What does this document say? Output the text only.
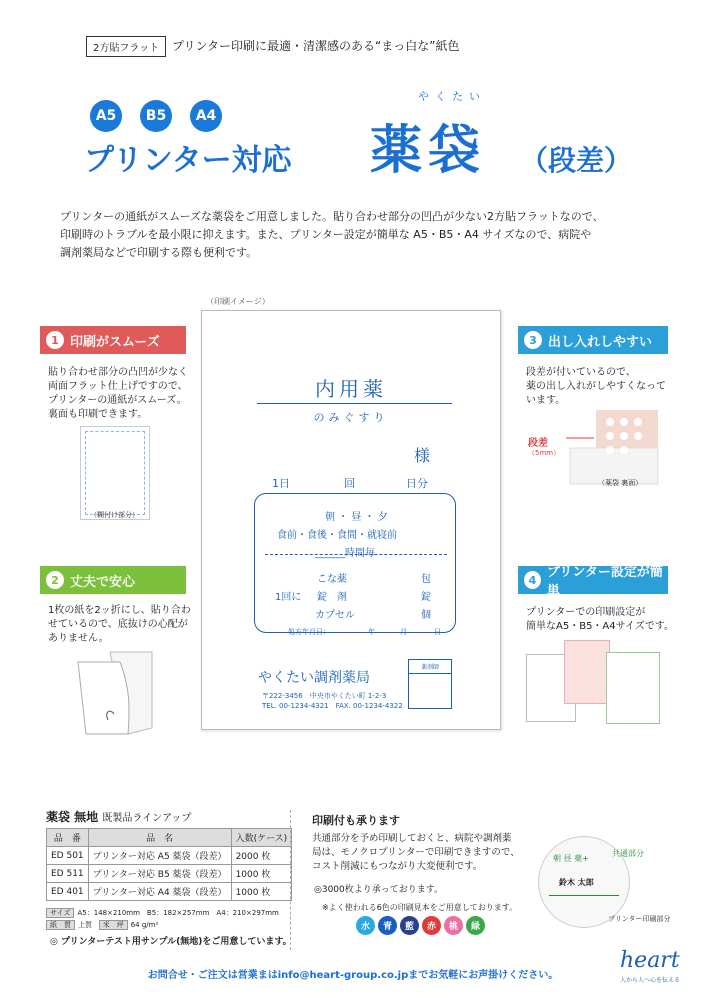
2方貼フラット	プリンター印刷に最適・清潔感のある“まっ白な”紙色
A5	B5	A4
やくたい
プリンター対応 薬袋 （段差）

プリンターの通紙がスムーズな薬袋をご用意しました。貼り合わせ部分の凹凸が少ない2方貼フラットなので、

印刷時のトラブルを最小限に抑えます。また、プリンター設定が簡単な A5・B5・A4 サイズなので、病院や

調剤薬局などで印刷する際も便利です。

（印刷イメージ）
内用薬
のみぐすり
様
1日	回	日分
朝 ・ 昼 ・ 夕
食前・食後・食間・就寝前
______時間毎
こな薬	包
1回に 錠　剤	錠
カプセル	個
処方年月日：	年	月	日
やくたい調剤薬局
〒222-3456　中央市やくたい町 1-2-3
TEL. 00-1234-4321　FAX. 00-1234-4322
薬剤師
1 印刷がスムーズ
貼り合わせ部分の凸凹が少なく
両面フラット仕上げですので、
プリンターの通紙がスムーズ。
裏面も印刷できます。
（糊付け部分）
2 丈夫で安心
1枚の紙を2ッ折にし、貼り合わ
せているので、底抜けの心配が
ありません。
3 出し入れしやすい
段差が付いているので、
薬の出し入れがしやすくなって
います。
段差
（5mm）
（薬袋 裏面）
4 プリンター設定が簡単
プリンターでの印刷設定が
簡単なA5・B5・A4サイズです。
薬袋 無地 既製品ラインアップ
品　番	品　名	入数(ケース)
ED 501	プリンター対応 A5 薬袋（段差）	2000 枚
ED 511	プリンター対応 B5 薬袋（段差）	1000 枚
ED 401	プリンター対応 A4 薬袋（段差）	1000 枚
サイズ A5：148×210mm　B5：182×257mm　A4：210×297mm
紙　質 上質 米　坪 64 g/m²
◎ プリンターテスト用サンプル(無地)をご用意しています。
印刷付も承ります
共通部分を予め印刷しておくと、病院や調剤薬
局は、モノクロプリンターで印刷できますので、
コスト削減にもつながり大変便利です。
◎3000枚より承っております。
※よく使われる6色の印刷見本をご用意しております。
水	青	藍	赤	桃	緑
朝 昼 薬+
鈴木 太郎
共通部分
プリンター印刷部分
お問合せ・ご注文は営業まはinfo@heart-group.co.jpまでお気軽にお声掛けください。
heart
人から人へ心を伝える
